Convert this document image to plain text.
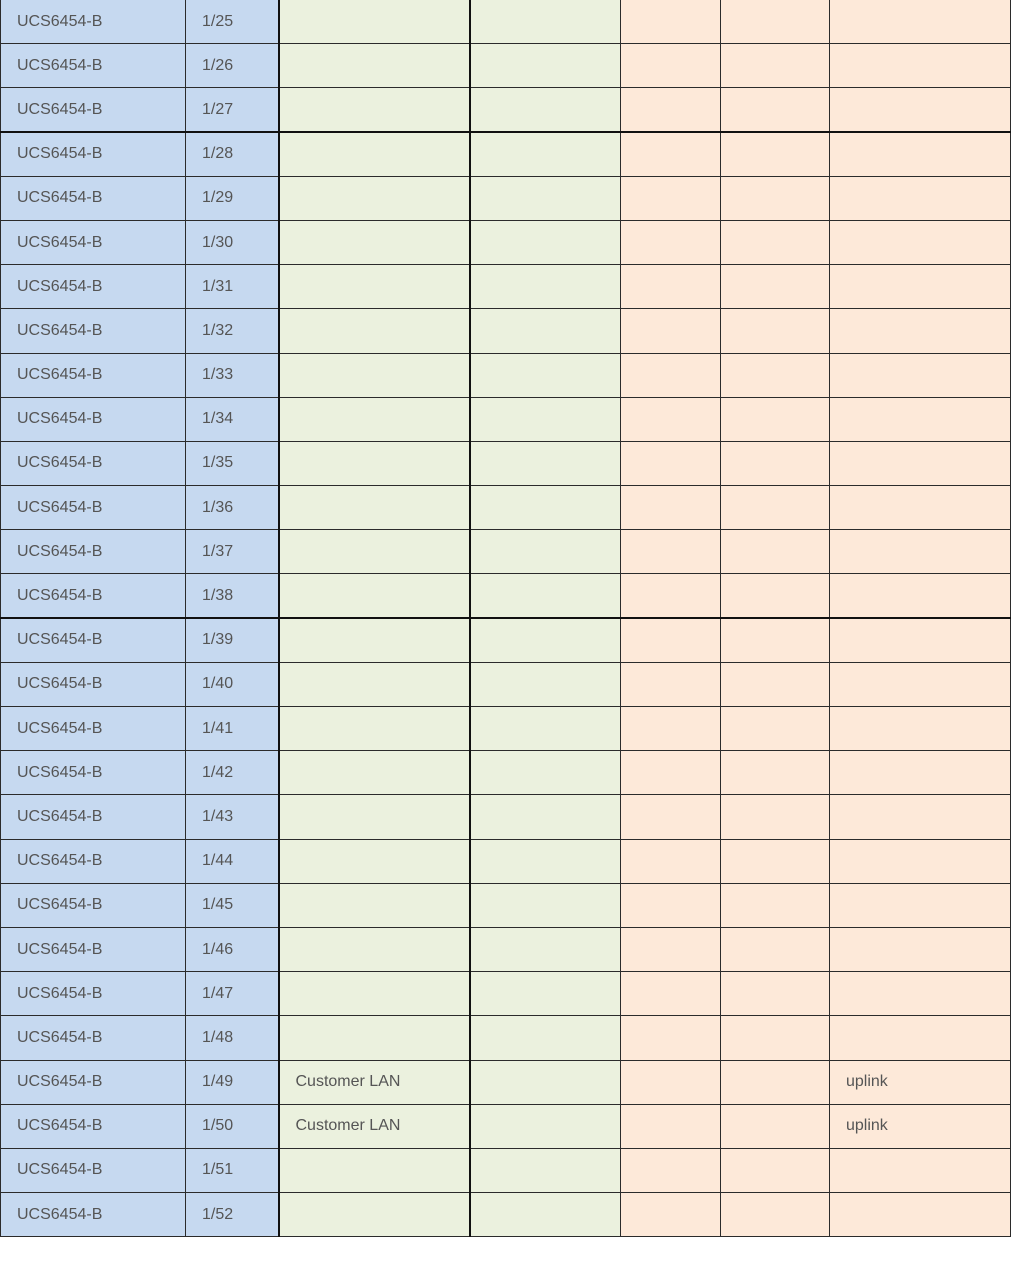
UCS6454-B	1/25					
UCS6454-B	1/26					
UCS6454-B	1/27					
UCS6454-B	1/28					
UCS6454-B	1/29					
UCS6454-B	1/30					
UCS6454-B	1/31					
UCS6454-B	1/32					
UCS6454-B	1/33					
UCS6454-B	1/34					
UCS6454-B	1/35					
UCS6454-B	1/36					
UCS6454-B	1/37					
UCS6454-B	1/38					
UCS6454-B	1/39					
UCS6454-B	1/40					
UCS6454-B	1/41					
UCS6454-B	1/42					
UCS6454-B	1/43					
UCS6454-B	1/44					
UCS6454-B	1/45					
UCS6454-B	1/46					
UCS6454-B	1/47					
UCS6454-B	1/48					
UCS6454-B	1/49	Customer LAN				uplink
UCS6454-B	1/50	Customer LAN				uplink
UCS6454-B	1/51					
UCS6454-B	1/52					
